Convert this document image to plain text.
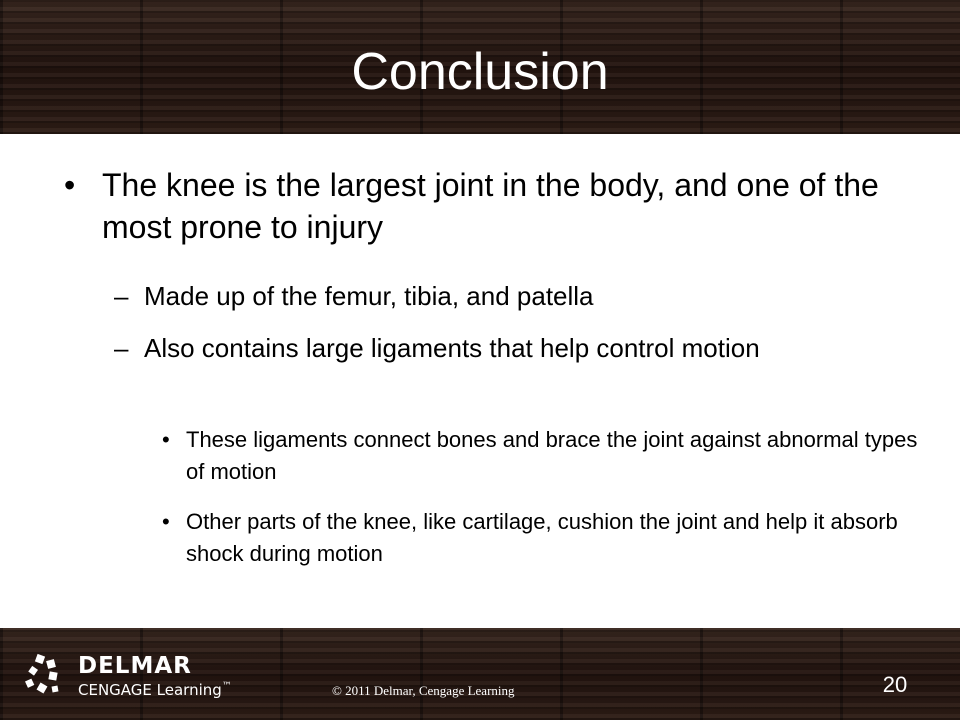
Conclusion
• The knee is the largest joint in the body, and one of the most prone to injury
– Made up of the femur, tibia, and patella
– Also contains large ligaments that help control motion
• These ligaments connect bones and brace the joint against abnormal types of motion
• Other parts of the knee, like cartilage, cushion the joint and help it absorb shock during motion
DELMAR
CENGAGE Learning™	© 2011 Delmar, Cengage Learning	20
